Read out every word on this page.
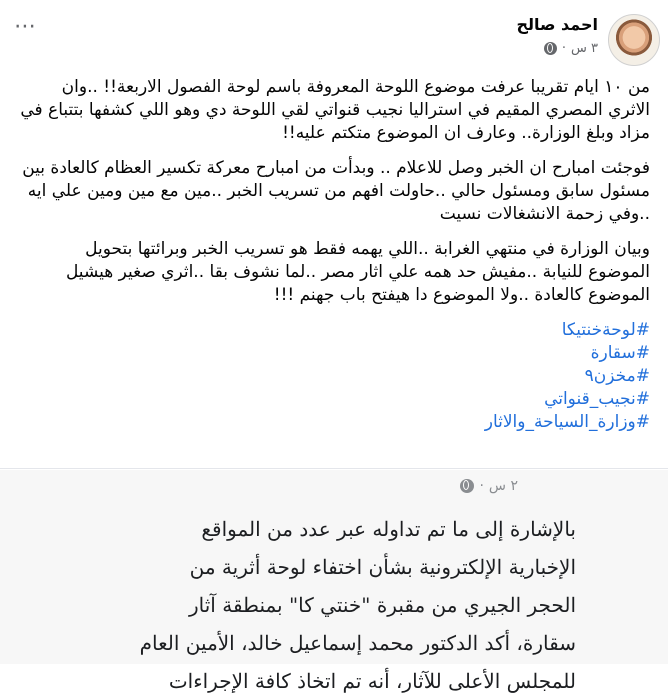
احمد صالح
٣ س
·
⋯

من ١٠ ايام تقريبا عرفت موضوع اللوحة المعروفة باسم لوحة الفصول الاربعة!! ..وان الاثري المصري المقيم في استراليا نجيب قنواتي لقي اللوحة دي وهو اللي كشفها بتتباع في مزاد وبلغ الوزارة.. وعارف ان الموضوع متكتم عليه!!

فوجئت امبارح ان الخبر وصل للاعلام .. وبدأت من امبارح معركة تكسير العظام كالعادة بين مسئول سابق ومسئول حالي ..حاولت افهم من تسريب الخبر ..مين مع مين ومين علي ايه ..وفي زحمة الانشغالات نسيت

وبيان الوزارة في منتهي الغرابة ..اللي يهمه فقط هو تسريب الخبر وبرائتها بتحويل الموضوع للنيابة ..مفيش حد همه علي اثار مصر ..لما نشوف بقا ..اثري صغير هيشيل الموضوع كالعادة ..ولا الموضوع دا هيفتح باب جهنم !!!

#لوحةخنتيكا
#سقارة
#مخزن٩
#نجيب_قنواتي
#وزارة_السياحة_والاثار
٢ س
·
بالإشارة إلى ما تم تداوله عبر عدد من المواقع
الإخبارية الإلكترونية بشأن اختفاء لوحة أثرية من
الحجر الجيري من مقبرة "خنتي كا" بمنطقة آثار
سقارة، أكد الدكتور محمد إسماعيل خالد، الأمين العام
للمجلس الأعلى للآثار، أنه تم اتخاذ كافة الإجراءات
